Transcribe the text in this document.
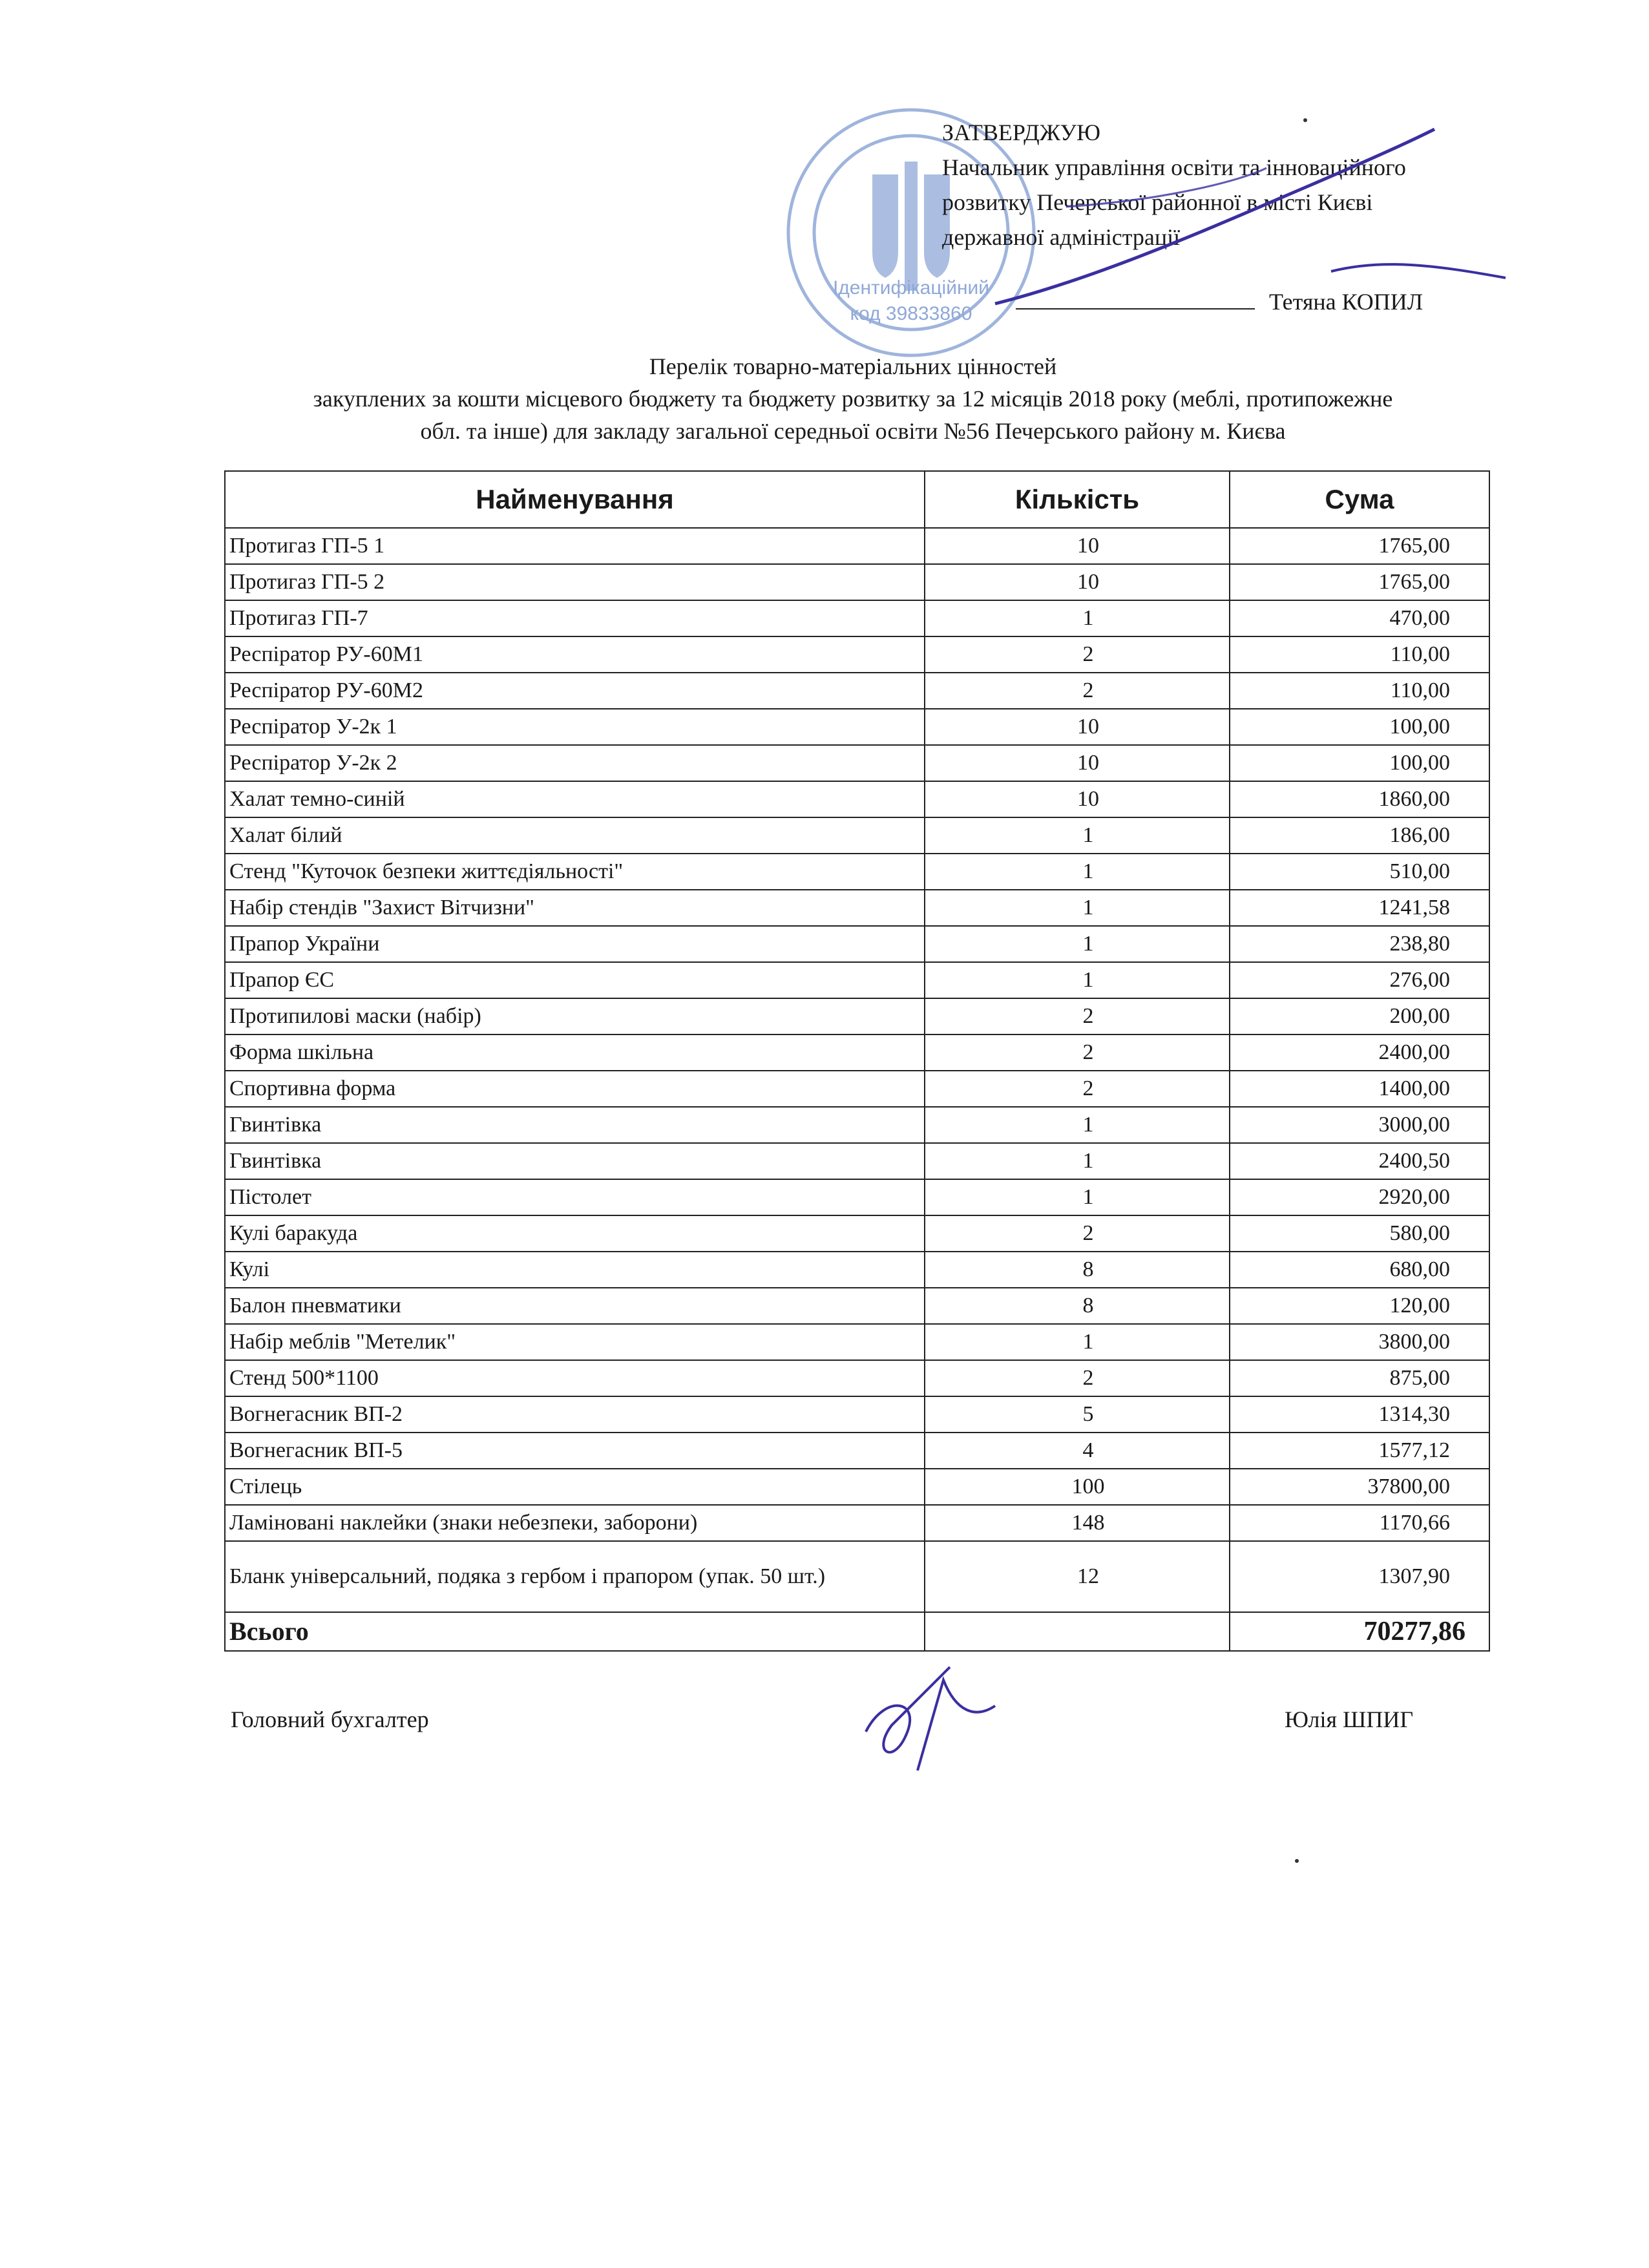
Ідентифікаційний
код 39833860
ЗАТВЕРДЖУЮ
Начальник управління освіти та інноваційного
розвитку Печерської районної в місті Києві
державної адміністрації
Тетяна КОПИЛ
Перелік товарно-матеріальних цінностей
закуплених за кошти місцевого бюджету та бюджету розвитку за 12 місяців 2018 року (меблі, протипожежне
обл. та інше) для закладу загальної середньої освіти №56 Печерського району м. Києва
Найменування	Кількість	Сума
Протигаз ГП-5 1	10	1765,00
Протигаз ГП-5 2	10	1765,00
Протигаз ГП-7	1	470,00
Респіратор РУ-60М1	2	110,00
Респіратор РУ-60М2	2	110,00
Респіратор У-2к 1	10	100,00
Респіратор У-2к 2	10	100,00
Халат темно-синій	10	1860,00
Халат білий	1	186,00
Стенд "Куточок безпеки життєдіяльності"	1	510,00
Набір стендів "Захист Вітчизни"	1	1241,58
Прапор України	1	238,80
Прапор ЄС	1	276,00
Протипилові маски (набір)	2	200,00
Форма шкільна	2	2400,00
Спортивна форма	2	1400,00
Гвинтівка	1	3000,00
Гвинтівка	1	2400,50
Пістолет	1	2920,00
Кулі баракуда	2	580,00
Кулі	8	680,00
Балон пневматики	8	120,00
Набір меблів "Метелик"	1	3800,00
Стенд 500*1100	2	875,00
Вогнегасник ВП-2	5	1314,30
Вогнегасник ВП-5	4	1577,12
Стілець	100	37800,00
Ламіновані наклейки (знаки небезпеки, заборони)	148	1170,66
Бланк універсальний, подяка з гербом і прапором (упак. 50 шт.)	12	1307,90
Всього		70277,86
Головний бухгалтер	Юлія ШПИГ
